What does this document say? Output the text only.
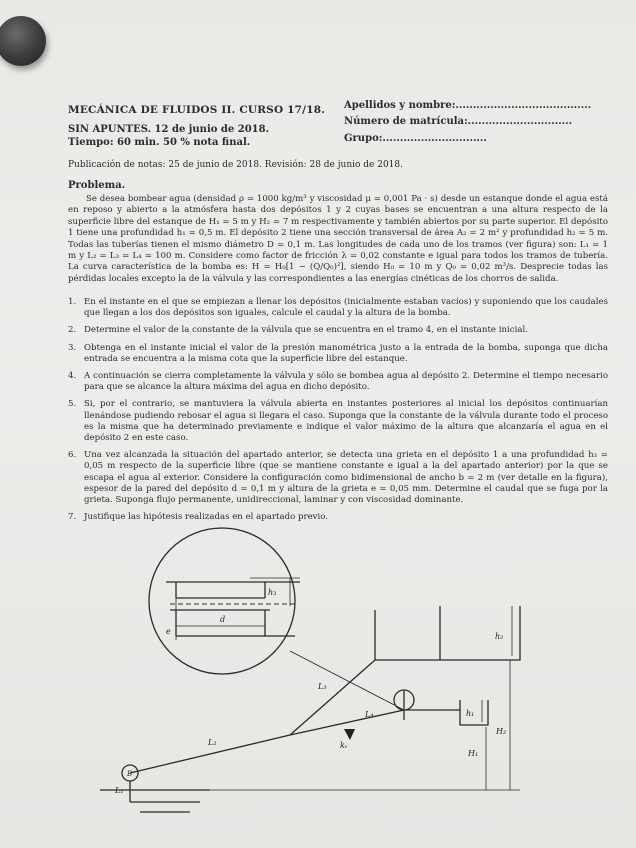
MECÁNICA DE FLUIDOS II. CURSO 17/18.
SIN APUNTES. 12 de junio de 2018.
Tiempo: 60 min. 50 % nota final.
Apellidos y nombre:.......................................
Número de matrícula:..............................
Grupo:..............................
Publicación de notas: 25 de junio de 2018. Revisión: 28 de junio de 2018.
Problema.
Se desea bombear agua (densidad ρ = 1000 kg/m³ y viscosidad μ = 0,001 Pa · s) desde un estanque donde el agua está en reposo y abierto a la atmósfera hasta dos depósitos 1 y 2 cuyas bases se encuentran a una altura respecto de la superficie libre del estanque de H₁ = 5 m y H₂ = 7 m respectivamente y también abiertos por su parte superior. El depósito 1 tiene una profundidad h₁ = 0,5 m. El depósito 2 tiene una sección transversal de área A₂ = 2 m² y profundidad h₂ = 5 m. Todas las tuberías tienen el mismo diámetro D = 0,1 m. Las longitudes de cada uno de los tramos (ver figura) son: L₁ = 1 m y L₂ = L₃ = L₄ = 100 m. Considere como factor de fricción λ = 0,02 constante e igual para todos los tramos de tubería. La curva característica de la bomba es: H = H₀[1 − (Q/Q₀)²], siendo H₀ = 10 m y Q₀ = 0,02 m³/s. Desprecie todas las pérdidas locales excepto la de la válvula y las correspondientes a las energías cinéticas de los chorros de salida.
1. En el instante en el que se empiezan a llenar los depósitos (inicialmente estaban vacíos) y suponiendo que los caudales que llegan a los dos depósitos son iguales, calcule el caudal y la altura de la bomba.
2. Determine el valor de la constante de la válvula que se encuentra en el tramo 4, en el instante inicial.
3. Obtenga en el instante inicial el valor de la presión manométrica justo a la entrada de la bomba, suponga que dicha entrada se encuentra a la misma cota que la superficie libre del estanque.
4. A continuación se cierra completamente la válvula y sólo se bombea agua al depósito 2. Determine el tiempo necesario para que se alcance la altura máxima del agua en dicho depósito.
5. Si, por el contrario, se mantuviera la válvula abierta en instantes posteriores al inicial los depósitos continuarían llenándose pudiendo rebosar el agua si llegara el caso. Suponga que la constante de la válvula durante todo el proceso es la misma que ha determinado previamente e indique el valor máximo de la altura que alcanzaría el agua en el depósito 2 en este caso.
6. Una vez alcanzada la situación del apartado anterior, se detecta una grieta en el depósito 1 a una profundidad h₃ = 0,05 m respecto de la superficie libre (que se mantiene constante e igual a la del apartado anterior) por la que se escapa el agua al exterior. Considere la configuración como bidimensional de ancho b = 2 m (ver detalle en la figura), espesor de la pared del depósito d = 0,1 m y altura de la grieta e = 0,05 mm. Determine el caudal que se fuga por la grieta. Suponga flujo permanente, unidireccional, laminar y con viscosidad dominante.
7. Justifique las hipótesis realizadas en el apartado previo.
h₃
e
d
h₂
L₃
L₄	h₁
H₂
kᵥ
L₂
H₁
B
L₁
